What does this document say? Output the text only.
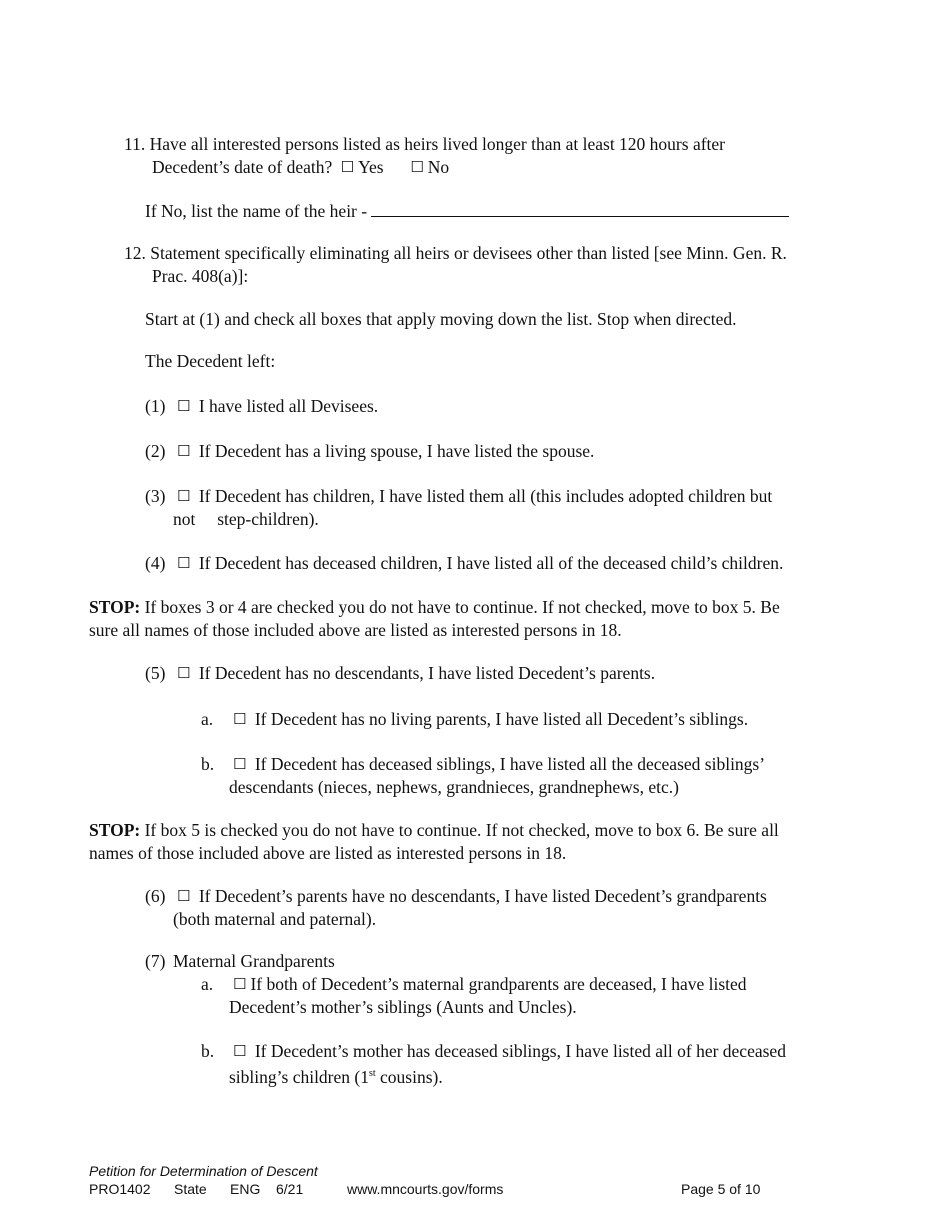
11. Have all interested persons listed as heirs lived longer than at least 120 hours after
Decedent’s date of death? ☐ Yes ☐ No
If No, list the name of the heir -
12. Statement specifically eliminating all heirs or devisees other than listed [see Minn. Gen. R.
Prac. 408(a)]:
Start at (1) and check all boxes that apply moving down the list. Stop when directed.
The Decedent left:
(1) ☐ I have listed all Devisees.
(2) ☐ If Decedent has a living spouse, I have listed the spouse.
(3) ☐ If Decedent has children, I have listed them all (this includes adopted children but
not     step-children).
(4) ☐ If Decedent has deceased children, I have listed all of the deceased child’s children.
STOP: If boxes 3 or 4 are checked you do not have to continue. If not checked, move to box 5. Be
sure all names of those included above are listed as interested persons in 18.
(5) ☐ If Decedent has no descendants, I have listed Decedent’s parents.
a. ☐ If Decedent has no living parents, I have listed all Decedent’s siblings.
b. ☐ If Decedent has deceased siblings, I have listed all the deceased siblings’
descendants (nieces, nephews, grandnieces, grandnephews, etc.)
STOP: If box 5 is checked you do not have to continue. If not checked, move to box 6. Be sure all
names of those included above are listed as interested persons in 18.
(6) ☐ If Decedent’s parents have no descendants, I have listed Decedent’s grandparents
(both maternal and paternal).
(7) Maternal Grandparents
a. ☐ If both of Decedent’s maternal grandparents are deceased, I have listed
Decedent’s mother’s siblings (Aunts and Uncles).
b. ☐ If Decedent’s mother has deceased siblings, I have listed all of her deceased
sibling’s children (1st cousins).
Petition for Determination of Descent
PRO1402 State ENG 6/21	www.mncourts.gov/forms	Page 5 of 10
